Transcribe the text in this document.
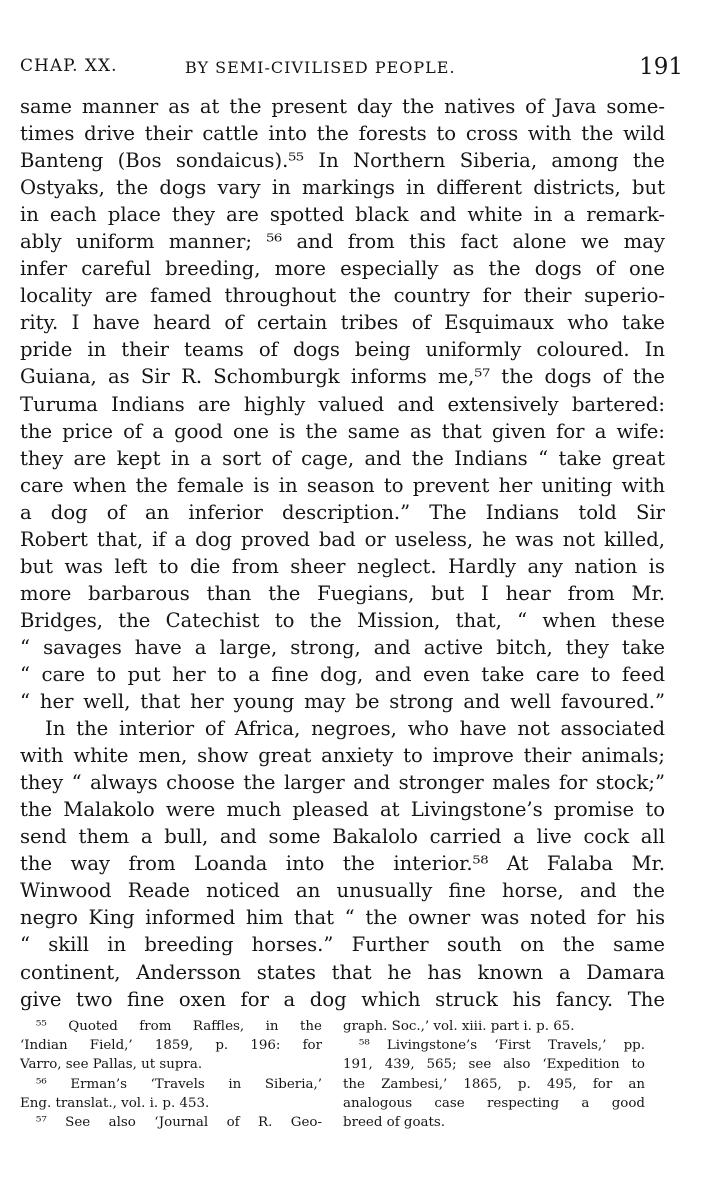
CHAP. XX.	BY SEMI-CIVILISED PEOPLE.	191
same manner as at the present day the natives of Java some-
times drive their cattle into the forests to cross with the wild
Banteng (Bos sondaicus).⁵⁵ In Northern Siberia, among the
Ostyaks, the dogs vary in markings in different districts, but
in each place they are spotted black and white in a remark-
ably uniform manner; ⁵⁶ and from this fact alone we may
infer careful breeding, more especially as the dogs of one
locality are famed throughout the country for their superio-
rity. I have heard of certain tribes of Esquimaux who take
pride in their teams of dogs being uniformly coloured. In
Guiana, as Sir R. Schomburgk informs me,⁵⁷ the dogs of the
Turuma Indians are highly valued and extensively bartered:
the price of a good one is the same as that given for a wife:
they are kept in a sort of cage, and the Indians “ take great
care when the female is in season to prevent her uniting with
a dog of an inferior description.” The Indians told Sir
Robert that, if a dog proved bad or useless, he was not killed,
but was left to die from sheer neglect. Hardly any nation is
more barbarous than the Fuegians, but I hear from Mr.
Bridges, the Catechist to the Mission, that, “ when these
“ savages have a large, strong, and active bitch, they take
“ care to put her to a fine dog, and even take care to feed
“ her well, that her young may be strong and well favoured.”
In the interior of Africa, negroes, who have not associated
with white men, show great anxiety to improve their animals;
they “ always choose the larger and stronger males for stock;”
the Malakolo were much pleased at Livingstone’s promise to
send them a bull, and some Bakalolo carried a live cock all
the way from Loanda into the interior.⁵⁸ At Falaba Mr.
Winwood Reade noticed an unusually fine horse, and the
negro King informed him that “ the owner was noted for his
“ skill in breeding horses.” Further south on the same
continent, Andersson states that he has known a Damara
give two fine oxen for a dog which struck his fancy. The
⁵⁵ Quoted from Raffles, in the
‘Indian Field,’ 1859, p. 196: for
Varro, see Pallas, ut supra.
⁵⁶ Erman’s ‘Travels in Siberia,’
Eng. translat., vol. i. p. 453.
⁵⁷ See also ‘Journal of R. Geo-
graph. Soc.,’ vol. xiii. part i. p. 65.
⁵⁸ Livingstone’s ‘First Travels,’ pp.
191, 439, 565; see also ‘Expedition to
the Zambesi,’ 1865, p. 495, for an
analogous case respecting a good
breed of goats.
